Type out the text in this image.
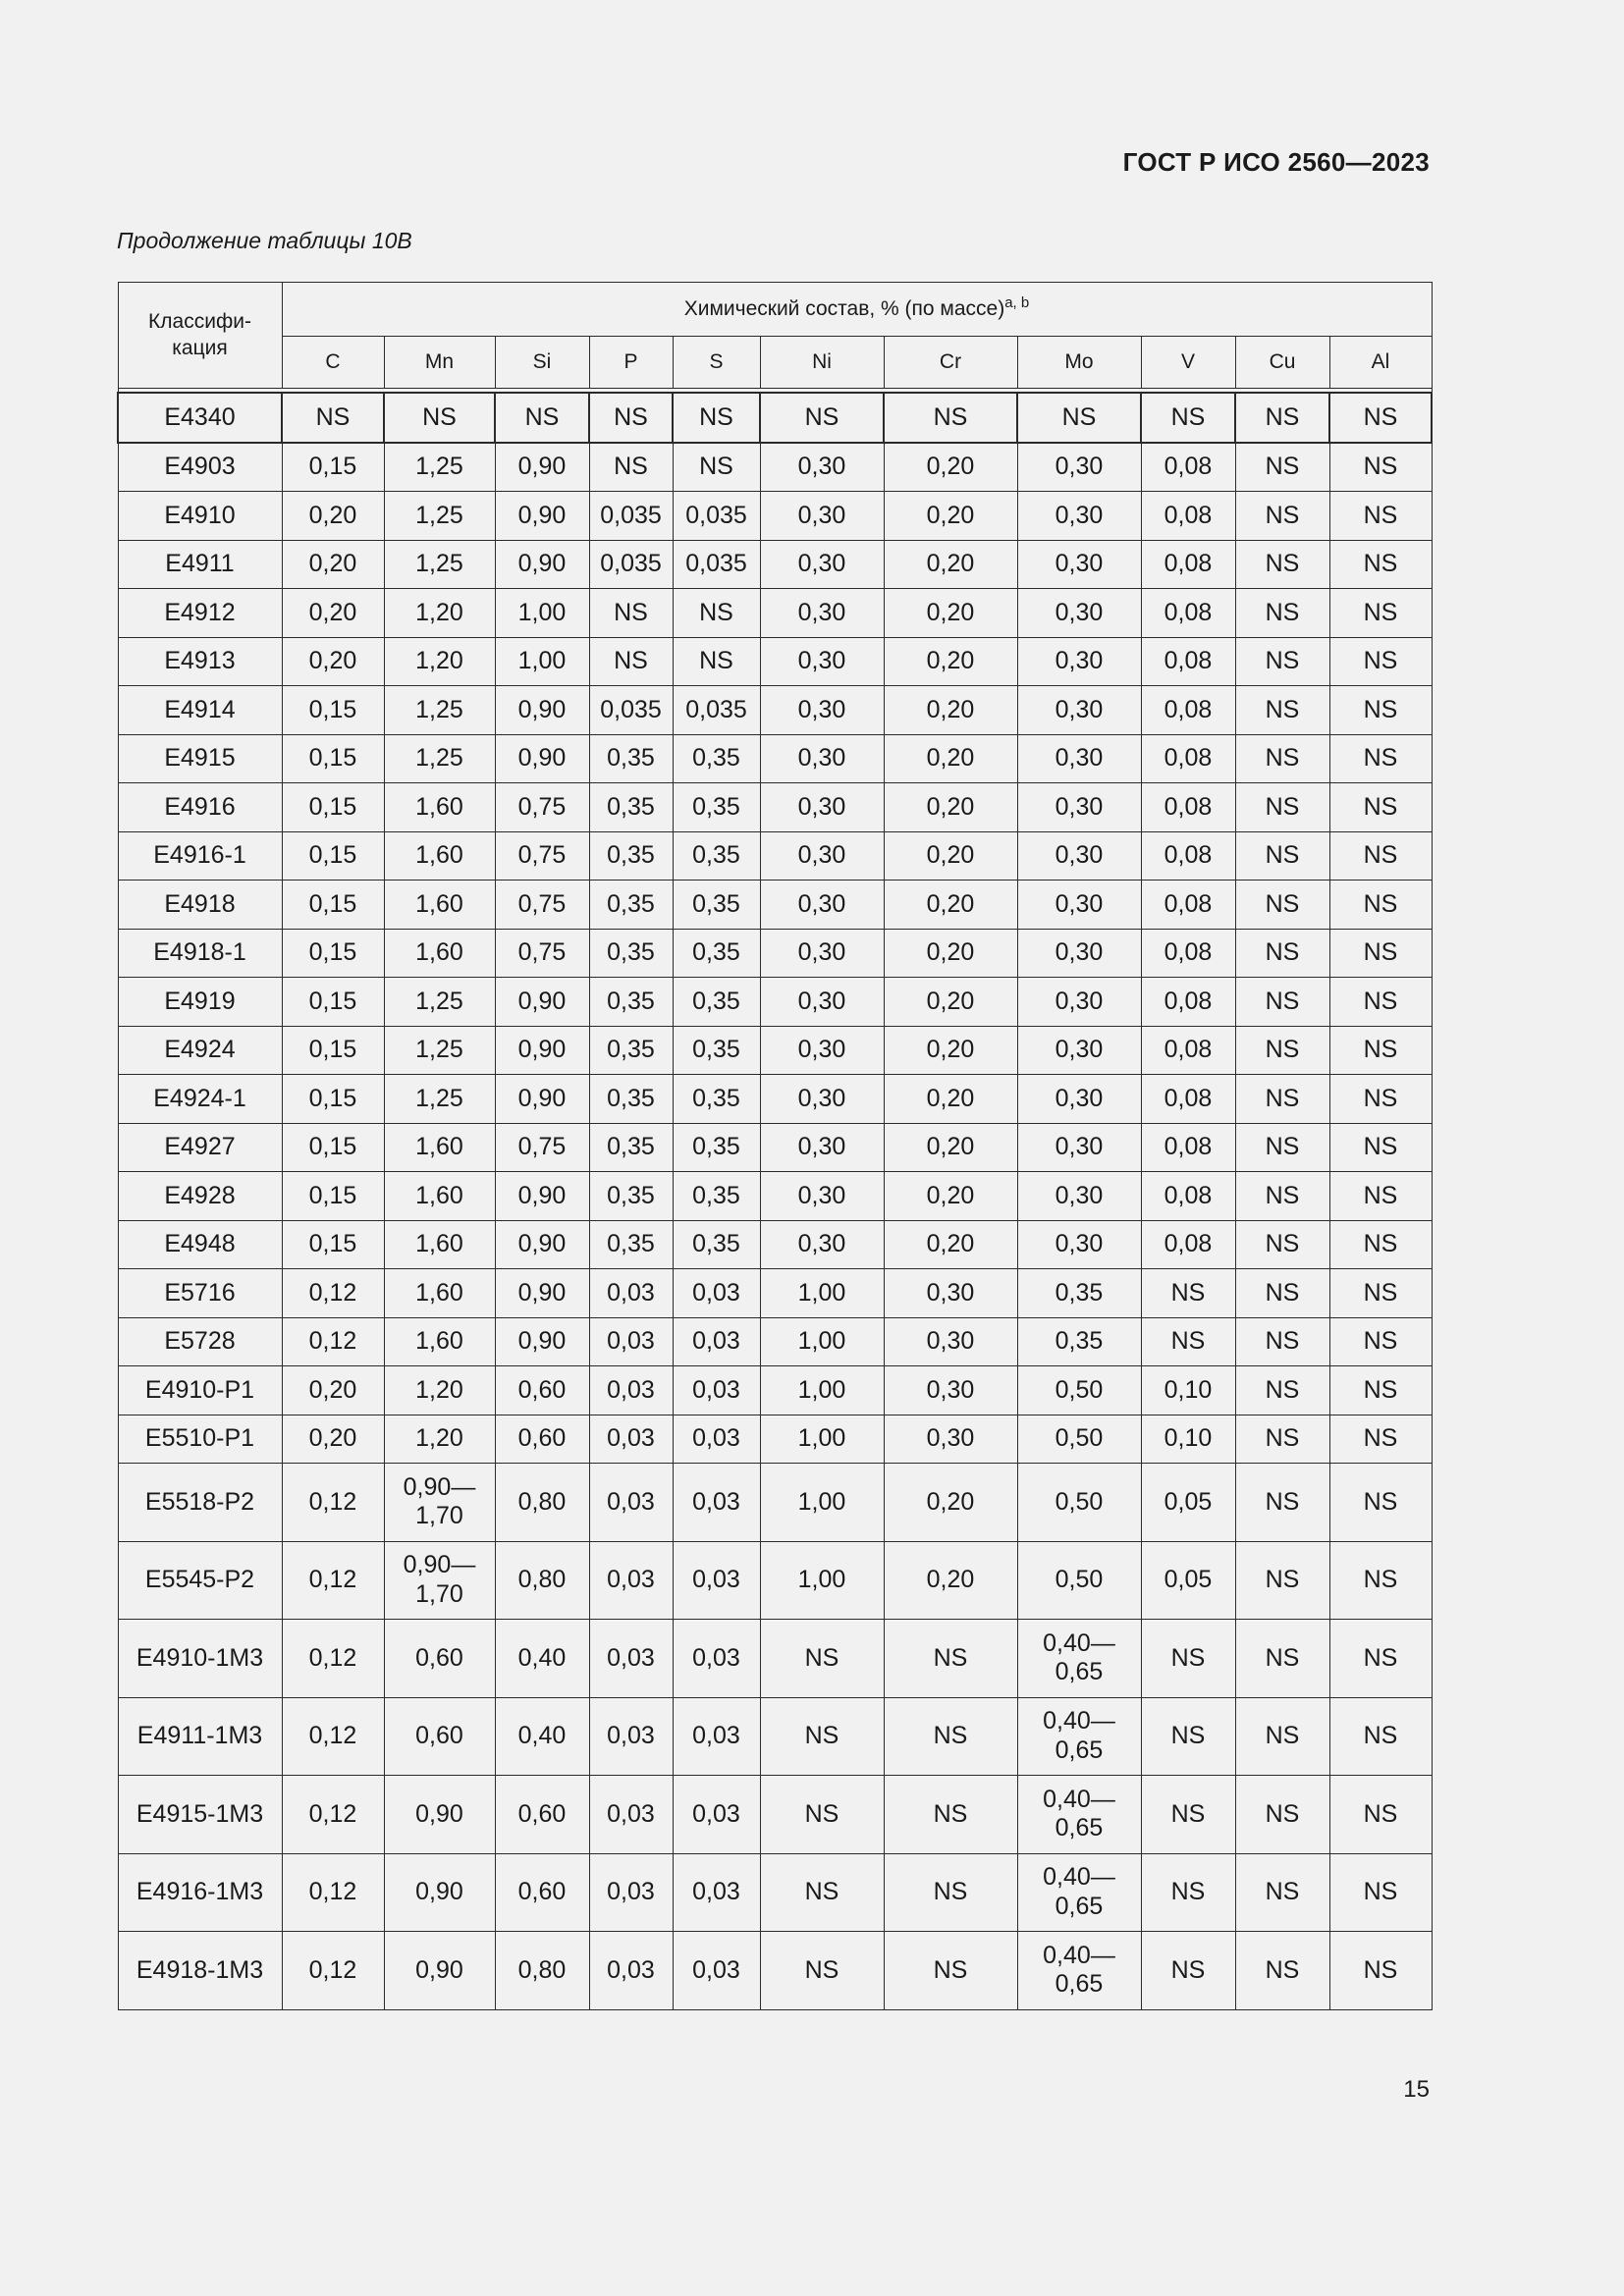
ГОСТ Р ИСО 2560—2023
Продолжение таблицы 10В
Классифи-
кация	Химический состав, % (по массе)$^{a, b}$
	C	Mn	Si	P	S	Ni	Cr	Mo	V	Cu	Al

E4340	NS	NS	NS	NS	NS	NS	NS	NS	NS	NS	NS
E4903	0,15	1,25	0,90	NS	NS	0,30	0,20	0,30	0,08	NS	NS
E4910	0,20	1,25	0,90	0,035	0,035	0,30	0,20	0,30	0,08	NS	NS
E4911	0,20	1,25	0,90	0,035	0,035	0,30	0,20	0,30	0,08	NS	NS
E4912	0,20	1,20	1,00	NS	NS	0,30	0,20	0,30	0,08	NS	NS
E4913	0,20	1,20	1,00	NS	NS	0,30	0,20	0,30	0,08	NS	NS
E4914	0,15	1,25	0,90	0,035	0,035	0,30	0,20	0,30	0,08	NS	NS
E4915	0,15	1,25	0,90	0,35	0,35	0,30	0,20	0,30	0,08	NS	NS
E4916	0,15	1,60	0,75	0,35	0,35	0,30	0,20	0,30	0,08	NS	NS
E4916-1	0,15	1,60	0,75	0,35	0,35	0,30	0,20	0,30	0,08	NS	NS
E4918	0,15	1,60	0,75	0,35	0,35	0,30	0,20	0,30	0,08	NS	NS
E4918-1	0,15	1,60	0,75	0,35	0,35	0,30	0,20	0,30	0,08	NS	NS
E4919	0,15	1,25	0,90	0,35	0,35	0,30	0,20	0,30	0,08	NS	NS
E4924	0,15	1,25	0,90	0,35	0,35	0,30	0,20	0,30	0,08	NS	NS
E4924-1	0,15	1,25	0,90	0,35	0,35	0,30	0,20	0,30	0,08	NS	NS
E4927	0,15	1,60	0,75	0,35	0,35	0,30	0,20	0,30	0,08	NS	NS
E4928	0,15	1,60	0,90	0,35	0,35	0,30	0,20	0,30	0,08	NS	NS
E4948	0,15	1,60	0,90	0,35	0,35	0,30	0,20	0,30	0,08	NS	NS
E5716	0,12	1,60	0,90	0,03	0,03	1,00	0,30	0,35	NS	NS	NS
E5728	0,12	1,60	0,90	0,03	0,03	1,00	0,30	0,35	NS	NS	NS
E4910-P1	0,20	1,20	0,60	0,03	0,03	1,00	0,30	0,50	0,10	NS	NS
E5510-P1	0,20	1,20	0,60	0,03	0,03	1,00	0,30	0,50	0,10	NS	NS
E5518-P2	0,12	0,90—
1,70	0,80	0,03	0,03	1,00	0,20	0,50	0,05	NS	NS
E5545-P2	0,12	0,90—
1,70	0,80	0,03	0,03	1,00	0,20	0,50	0,05	NS	NS
E4910-1M3	0,12	0,60	0,40	0,03	0,03	NS	NS	0,40—
0,65	NS	NS	NS
E4911-1M3	0,12	0,60	0,40	0,03	0,03	NS	NS	0,40—
0,65	NS	NS	NS
E4915-1M3	0,12	0,90	0,60	0,03	0,03	NS	NS	0,40—
0,65	NS	NS	NS
E4916-1M3	0,12	0,90	0,60	0,03	0,03	NS	NS	0,40—
0,65	NS	NS	NS
E4918-1M3	0,12	0,90	0,80	0,03	0,03	NS	NS	0,40—
0,65	NS	NS	NS
15
